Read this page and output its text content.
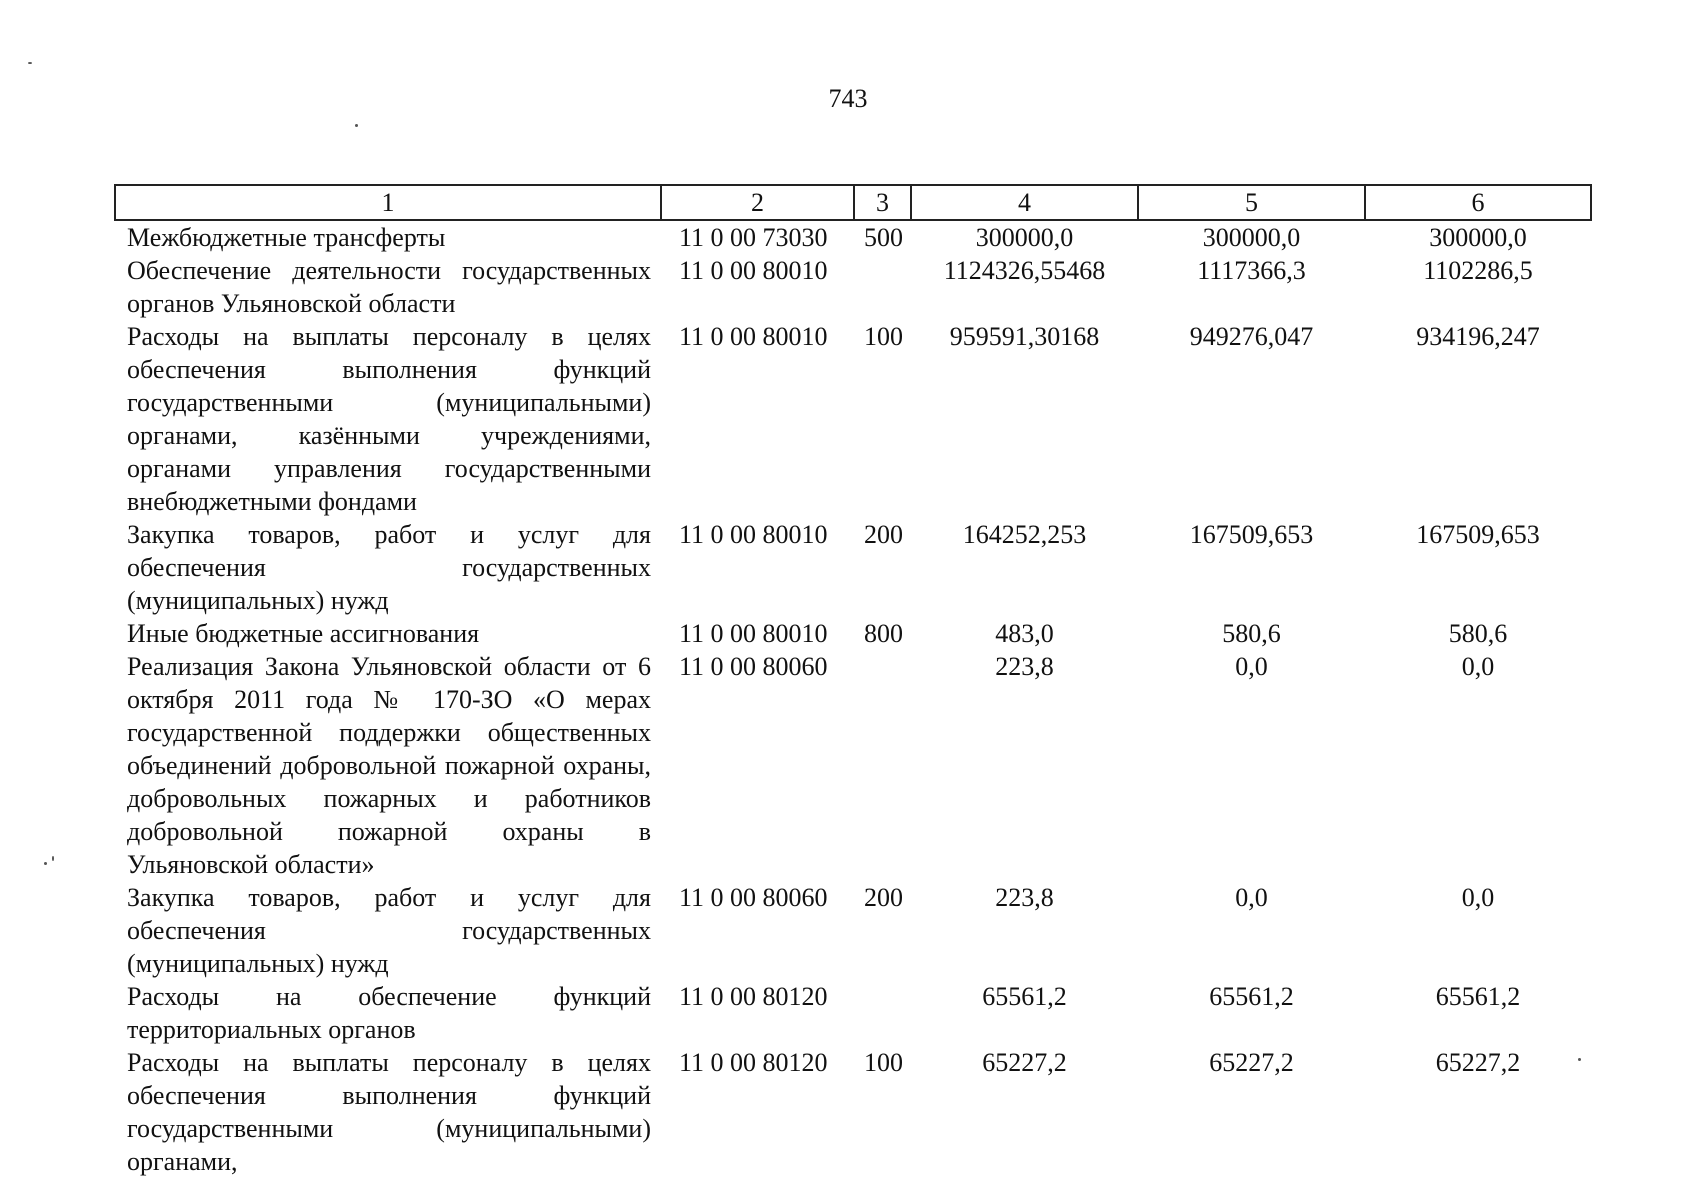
743
1	2	3	4	5	6
Межбюджетные трансферты	11 0 00 73030	500	300000,0	300000,0	300000,0
Обеспечение деятельности государственных органов Ульяновской области	11 0 00 80010		1124326,55468	1117366,3	1102286,5
Расходы на выплаты персоналу в целях обеспечения выполнения функций государственными (муниципальными) органами, казёнными учреждениями, органами управления государственными внебюджетными фондами	11 0 00 80010	100	959591,30168	949276,047	934196,247
Закупка товаров, работ и услуг для обеспечения государственных (муниципальных) нужд	11 0 00 80010	200	164252,253	167509,653	167509,653
Иные бюджетные ассигнования	11 0 00 80010	800	483,0	580,6	580,6
Реализация Закона Ульяновской области от 6 октября 2011 года № 170-ЗО «О мерах государственной поддержки общественных объединений добровольной пожарной охраны, добровольных пожарных и работников добровольной пожарной охраны в Ульяновской области»	11 0 00 80060		223,8	0,0	0,0
Закупка товаров, работ и услуг для обеспечения государственных (муниципальных) нужд	11 0 00 80060	200	223,8	0,0	0,0
Расходы на обеспечение функций территориальных органов	11 0 00 80120		65561,2	65561,2	65561,2
Расходы на выплаты персоналу в целях обеспечения выполнения функций государственными (муниципальными) органами,	11 0 00 80120	100	65227,2	65227,2	65227,2
